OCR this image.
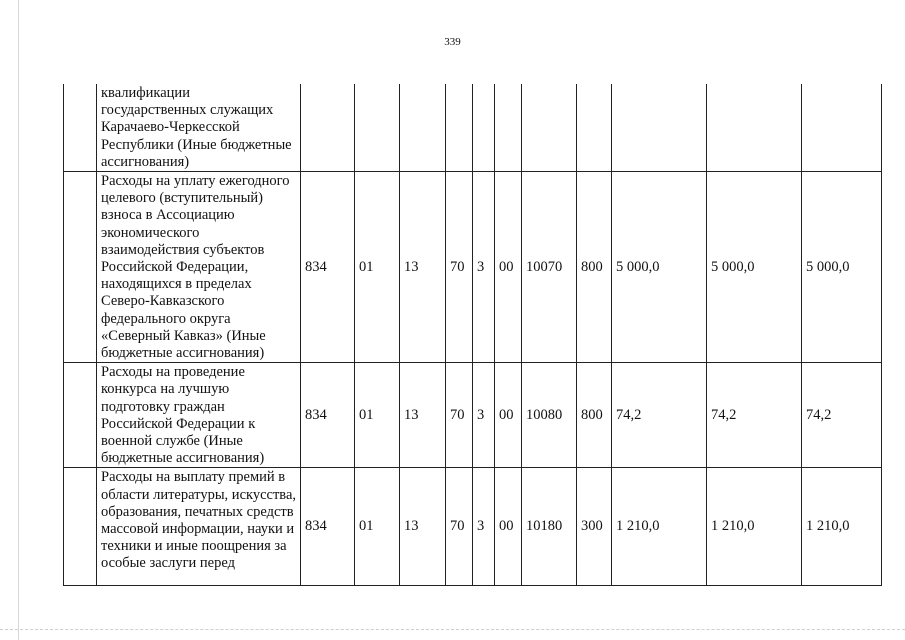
339
	квалификации государственных служащих Карачаево-Черкесской Республики (Иные бюджетные ассигнования)											
	Расходы на уплату ежегодного целевого (вступительный) взноса в Ассоциацию экономического взаимодействия субъектов Российской Федерации, находящихся в пределах Северо-Кавказского федерального округа «Северный Кавказ» (Иные бюджетные ассигнования)	834	01	13	70	3	00	10070	800	5 000,0	5 000,0	5 000,0
	Расходы на проведение конкурса на лучшую подготовку граждан Российской Федерации к военной службе (Иные бюджетные ассигнования)	834	01	13	70	3	00	10080	800	74,2	74,2	74,2
	Расходы на выплату премий в области литературы, искусства, образования, печатных средств массовой информации, науки и техники и иные поощрения за особые заслуги перед	834	01	13	70	3	00	10180	300	1 210,0	1 210,0	1 210,0
